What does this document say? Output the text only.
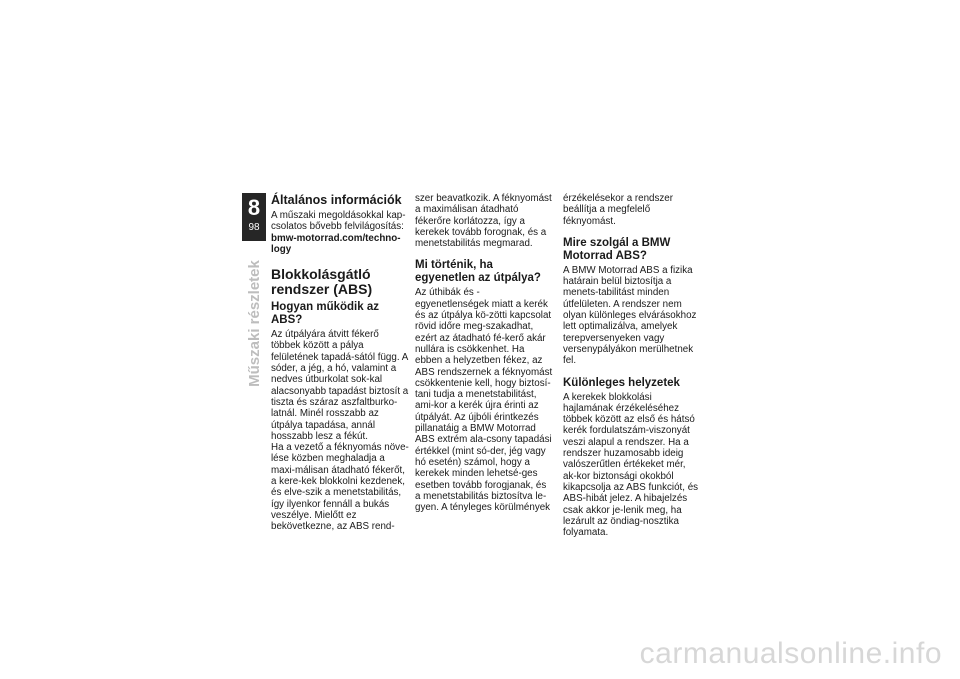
8
98
Műszaki részletek
Általános információk

A műszaki megoldásokkal kap-csolatos bővebb felvilágosítás:

bmw-motorrad.com/techno-logy

Blokkolásgátló rendszer (ABS)
Hogyan működik az ABS?

Az útpályára átvitt fékerő többek között a pálya felületének tapadá-sától függ. A sóder, a jég, a hó, valamint a nedves útburkolat sok-kal alacsonyabb tapadást biztosít a tiszta és száraz aszfaltburko-latnál. Minél rosszabb az útpálya tapadása, annál hosszabb lesz a fékút.

Ha a vezető a féknyomás növe-lése közben meghaladja a maxi-málisan átadható fékerőt, a kere-kek blokkolni kezdenek, és elve-szik a menetstabilitás, így ilyenkor fennáll a bukás veszélye. Mielőtt ez bekövetkezne, az ABS rend-

szer beavatkozik. A féknyomást a maximálisan átadható fékerőre korlátozza, így a kerekek tovább forognak, és a menetstabilitás megmarad.

Mi történik, ha egyenetlen az útpálya?

Az úthibák és -egyenetlenségek miatt a kerék és az útpálya kö-zötti kapcsolat rövid időre meg-szakadhat, ezért az átadható fé-kerő akár nullára is csökkenhet. Ha ebben a helyzetben fékez, az ABS rendszernek a féknyomást csökkentenie kell, hogy biztosí-tani tudja a menetstabilitást, ami-kor a kerék újra érinti az útpályát. Az újbóli érintkezés pillanatáig a BMW Motorrad ABS extrém ala-csony tapadási értékkel (mint só-der, jég vagy hó esetén) számol, hogy a kerekek minden lehetsé-ges esetben tovább forogjanak, és a menetstabilitás biztosítva le-gyen. A tényleges körülmények

érzékelésekor a rendszer beállítja a megfelelő féknyomást.

Mire szolgál a BMW Motorrad ABS?

A BMW Motorrad ABS a fizika határain belül biztosítja a menets-tabilitást minden útfelületen. A rendszer nem olyan különleges elvárásokhoz lett optimalizálva, amelyek terepversenyeken vagy versenypályákon merülhetnek fel.

Különleges helyzetek

A kerekek blokkolási hajlamának érzékeléséhez többek között az első és hátsó kerék fordulatszám-viszonyát veszi alapul a rendszer. Ha a rendszer huzamosabb ideig valószerűtlen értékeket mér, ak-kor biztonsági okokból kikapcsolja az ABS funkciót, és ABS-hibát jelez. A hibajelzés csak akkor je-lenik meg, ha lezárult az öndiag-nosztika folyamata.

carmanualsonline.info
